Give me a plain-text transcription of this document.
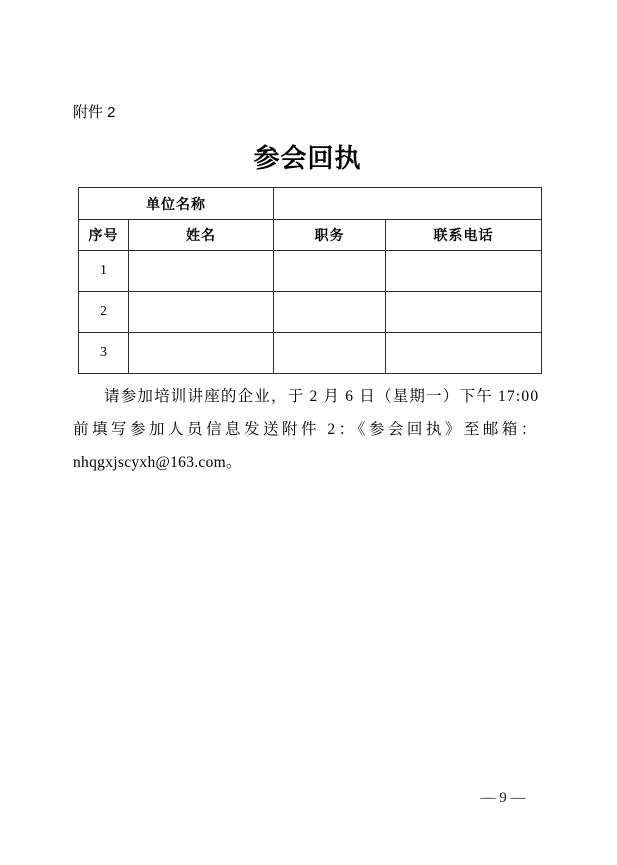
附件 2
参会回执
单位名称			
序号	姓名	职务	联系电话
1			
2			
3			
请参加培训讲座的企业，于 2 月 6 日（星期一）下午 17:00
前填写参加人员信息发送附件 2：《参会回执》至邮箱：
nhqgxjscyxh@163.com。
— 9 —
